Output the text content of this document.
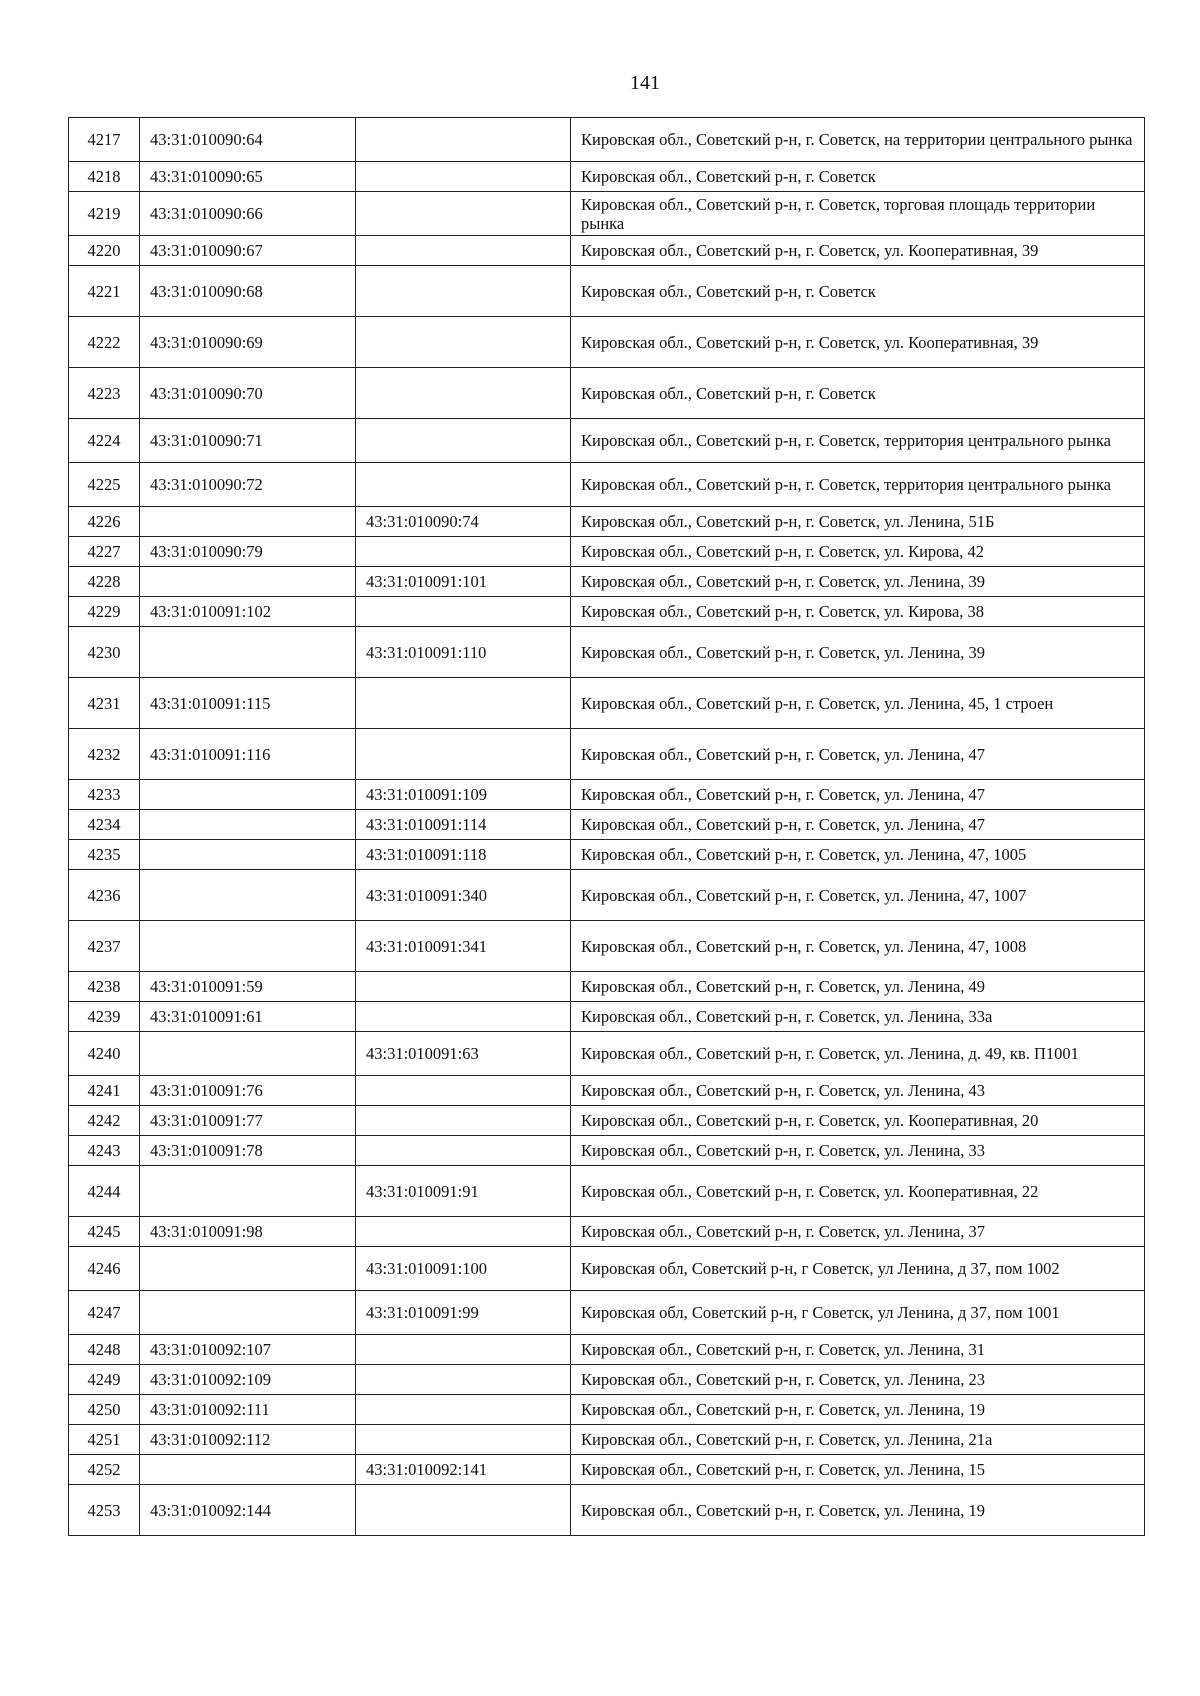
141
4217	43:31:010090:64		Кировская обл., Советский р-н, г. Советск, на территории центрального рынка
4218	43:31:010090:65		Кировская обл., Советский р-н, г. Советск
4219	43:31:010090:66		Кировская обл., Советский р-н, г. Советск, торговая площадь территории рынка
4220	43:31:010090:67		Кировская обл., Советский р-н, г. Советск, ул. Кооперативная, 39
4221	43:31:010090:68		Кировская обл., Советский р-н, г. Советск
4222	43:31:010090:69		Кировская обл., Советский р-н, г. Советск, ул. Кооперативная, 39
4223	43:31:010090:70		Кировская обл., Советский р-н, г. Советск
4224	43:31:010090:71		Кировская обл., Советский р-н, г. Советск, территория центрального рынка
4225	43:31:010090:72		Кировская обл., Советский р-н, г. Советск, территория центрального рынка
4226		43:31:010090:74	Кировская обл., Советский р-н, г. Советск, ул. Ленина, 51Б
4227	43:31:010090:79		Кировская обл., Советский р-н, г. Советск, ул. Кирова, 42
4228		43:31:010091:101	Кировская обл., Советский р-н, г. Советск, ул. Ленина, 39
4229	43:31:010091:102		Кировская обл., Советский р-н, г. Советск, ул. Кирова, 38
4230		43:31:010091:110	Кировская обл., Советский р-н, г. Советск, ул. Ленина, 39
4231	43:31:010091:115		Кировская обл., Советский р-н, г. Советск, ул. Ленина, 45, 1 строен
4232	43:31:010091:116		Кировская обл., Советский р-н, г. Советск, ул. Ленина, 47
4233		43:31:010091:109	Кировская обл., Советский р-н, г. Советск, ул. Ленина, 47
4234		43:31:010091:114	Кировская обл., Советский р-н, г. Советск, ул. Ленина, 47
4235		43:31:010091:118	Кировская обл., Советский р-н, г. Советск, ул. Ленина, 47, 1005
4236		43:31:010091:340	Кировская обл., Советский р-н, г. Советск, ул. Ленина, 47, 1007
4237		43:31:010091:341	Кировская обл., Советский р-н, г. Советск, ул. Ленина, 47, 1008
4238	43:31:010091:59		Кировская обл., Советский р-н, г. Советск, ул. Ленина, 49
4239	43:31:010091:61		Кировская обл., Советский р-н, г. Советск, ул. Ленина, 33а
4240		43:31:010091:63	Кировская обл., Советский р-н, г. Советск, ул. Ленина, д. 49, кв. П1001
4241	43:31:010091:76		Кировская обл., Советский р-н, г. Советск, ул. Ленина, 43
4242	43:31:010091:77		Кировская обл., Советский р-н, г. Советск, ул. Кооперативная, 20
4243	43:31:010091:78		Кировская обл., Советский р-н, г. Советск, ул. Ленина, 33
4244		43:31:010091:91	Кировская обл., Советский р-н, г. Советск, ул. Кооперативная, 22
4245	43:31:010091:98		Кировская обл., Советский р-н, г. Советск, ул. Ленина, 37
4246		43:31:010091:100	Кировская обл, Советский р-н, г Советск, ул Ленина, д 37, пом 1002
4247		43:31:010091:99	Кировская обл, Советский р-н, г Советск, ул Ленина, д 37, пом 1001
4248	43:31:010092:107		Кировская обл., Советский р-н, г. Советск, ул. Ленина, 31
4249	43:31:010092:109		Кировская обл., Советский р-н, г. Советск, ул. Ленина, 23
4250	43:31:010092:111		Кировская обл., Советский р-н, г. Советск, ул. Ленина, 19
4251	43:31:010092:112		Кировская обл., Советский р-н, г. Советск, ул. Ленина, 21а
4252		43:31:010092:141	Кировская обл., Советский р-н, г. Советск, ул. Ленина, 15
4253	43:31:010092:144		Кировская обл., Советский р-н, г. Советск, ул. Ленина, 19
